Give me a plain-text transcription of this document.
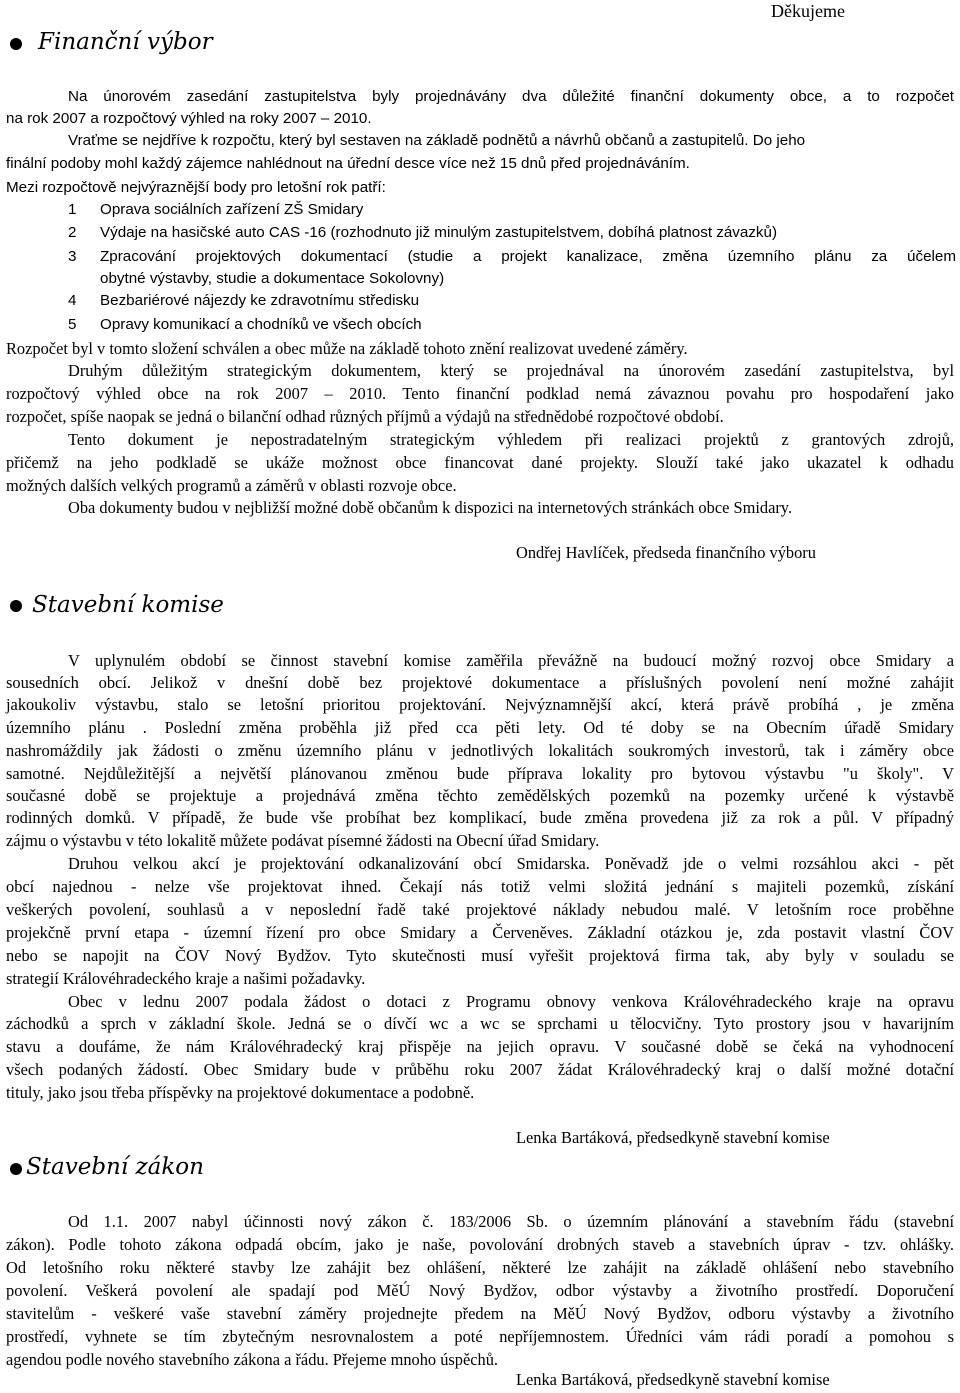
Děkujeme
Finanční výbor
Na únorovém zasedání zastupitelstva byly projednávány dva důležité finanční dokumenty obce, a to rozpočet
na rok 2007 a rozpočtový výhled na roky 2007 – 2010.
Vraťme se nejdříve k rozpočtu, který byl sestaven na základě podnětů a návrhů občanů a zastupitelů. Do jeho
finální podoby mohl každý zájemce nahlédnout na úřední desce více než 15 dnů před projednáváním.
Mezi rozpočtově nejvýraznější body pro letošní rok patří:
1 Oprava sociálních zařízení ZŠ Smidary
2 Výdaje na hasičské auto CAS -16 (rozhodnuto již minulým zastupitelstvem, dobíhá platnost závazků)
3 Zpracování projektových dokumentací (studie a projekt kanalizace, změna územního plánu za účelem
obytné výstavby, studie a dokumentace Sokolovny)
4 Bezbariérové nájezdy ke zdravotnímu středisku
5 Opravy komunikací a chodníků ve všech obcích
Rozpočet byl v tomto složení schválen a obec může na základě tohoto znění realizovat uvedené záměry.
Druhým důležitým strategickým dokumentem, který se projednával na únorovém zasedání zastupitelstva, byl
rozpočtový výhled obce na rok 2007 – 2010. Tento finanční podklad nemá závaznou povahu pro hospodaření jako
rozpočet, spíše naopak se jedná o bilanční odhad různých příjmů a výdajů na střednědobé rozpočtové období.
Tento dokument je nepostradatelným strategickým výhledem při realizaci projektů z grantových zdrojů,
přičemž na jeho podkladě se ukáže možnost obce financovat dané projekty. Slouží také jako ukazatel k odhadu
možných dalších velkých programů a záměrů v oblasti rozvoje obce.
Oba dokumenty budou v nejbližší možné době občanům k dispozici na internetových stránkách obce Smidary.
Ondřej Havlíček, předseda finančního výboru
Stavební komise
V uplynulém období se činnost stavební komise zaměřila převážně na budoucí možný rozvoj obce Smidary a
sousedních obcí. Jelikož v dnešní době bez projektové dokumentace a příslušných povolení není možné zahájit
jakoukoliv výstavbu, stalo se letošní prioritou projektování. Nejvýznamnější akcí, která právě probíhá , je změna
územního plánu . Poslední změna proběhla již před cca pěti lety. Od té doby se na Obecním úřadě Smidary
nashromáždily jak žádosti o změnu územního plánu v jednotlivých lokalitách soukromých investorů, tak i záměry obce
samotné. Nejdůležitější a největší plánovanou změnou bude příprava lokality pro bytovou výstavbu "u školy". V
současné době se projektuje a projednává změna těchto zemědělských pozemků na pozemky určené k výstavbě
rodinných domků. V případě, že bude vše probíhat bez komplikací, bude změna provedena již za rok a půl. V případný
zájmu o výstavbu v této lokalitě můžete podávat písemné žádosti na Obecní úřad Smidary.
Druhou velkou akcí je projektování odkanalizování obcí Smidarska. Poněvadž jde o velmi rozsáhlou akci - pět
obcí najednou - nelze vše projektovat ihned. Čekají nás totiž velmi složitá jednání s majiteli pozemků, získání
veškerých povolení, souhlasů a v neposlední řadě také projektové náklady nebudou malé. V letošním roce proběhne
projekčně první etapa - územní řízení pro obce Smidary a Červeněves. Základní otázkou je, zda postavit vlastní ČOV
nebo se napojit na ČOV Nový Bydžov. Tyto skutečnosti musí vyřešit projektová firma tak, aby byly v souladu se
strategií Královéhradeckého kraje a našimi požadavky.
Obec v lednu 2007 podala žádost o dotaci z Programu obnovy venkova Královéhradeckého kraje na opravu
záchodků a sprch v základní škole. Jedná se o dívčí wc a wc se sprchami u tělocvičny. Tyto prostory jsou v havarijním
stavu a doufáme, že nám Královéhradecký kraj přispěje na jejich opravu. V současné době se čeká na vyhodnocení
všech podaných žádostí. Obec Smidary bude v průběhu roku 2007 žádat Královéhradecký kraj o další možné dotační
tituly, jako jsou třeba příspěvky na projektové dokumentace a podobně.
Lenka Bartáková, předsedkyně stavební komise
Stavební zákon
Od 1.1. 2007 nabyl účinnosti nový zákon č. 183/2006 Sb. o územním plánování a stavebním řádu (stavební
zákon). Podle tohoto zákona odpadá obcím, jako je naše, povolování drobných staveb a stavebních úprav - tzv. ohlášky.
Od letošního roku některé stavby lze zahájit bez ohlášení, některé lze zahájit na základě ohlášení nebo stavebního
povolení. Veškerá povolení ale spadají pod MěÚ Nový Bydžov, odbor výstavby a životního prostředí. Doporučení
stavitelům - veškeré vaše stavební záměry projednejte předem na MěÚ Nový Bydžov, odboru výstavby a životního
prostředí, vyhnete se tím zbytečným nesrovnalostem a poté nepříjemnostem. Úředníci vám rádi poradí a pomohou s
agendou podle nového stavebního zákona a řádu. Přejeme mnoho úspěchů.
Lenka Bartáková, předsedkyně stavební komise
